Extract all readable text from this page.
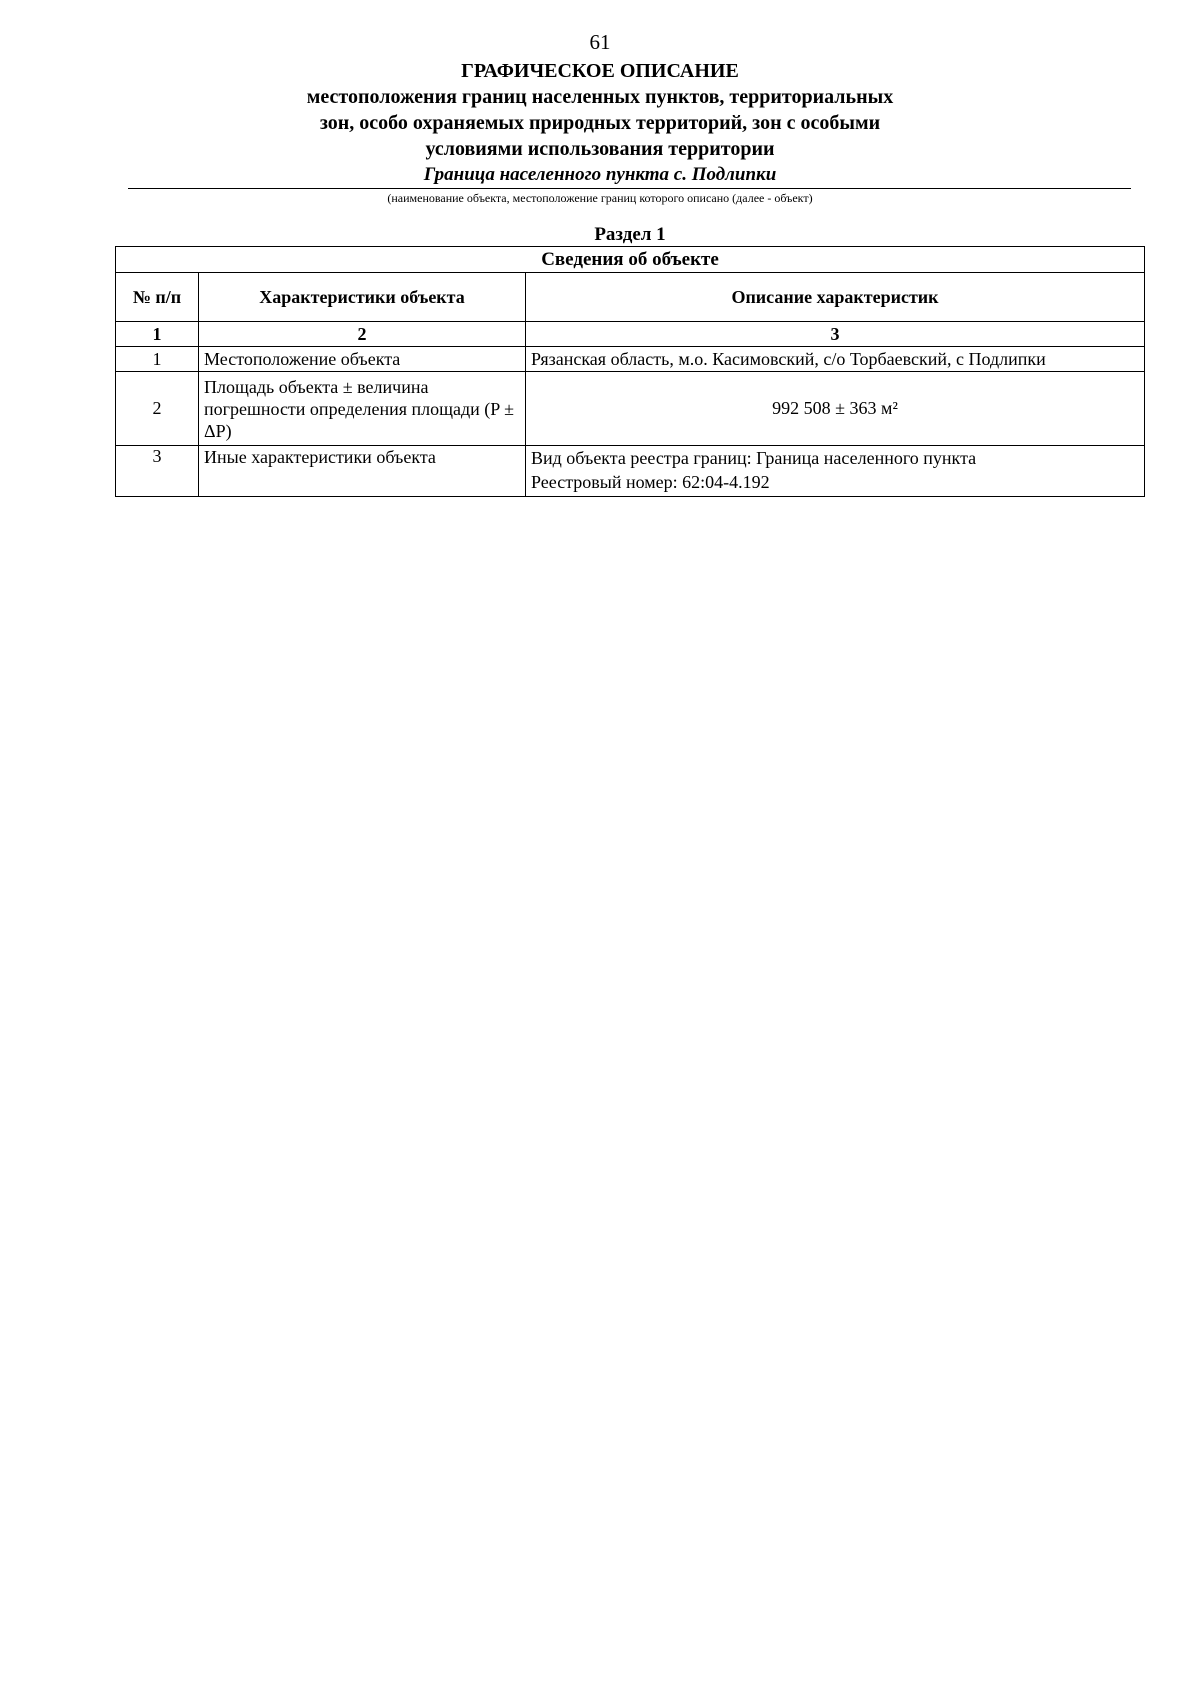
61
ГРАФИЧЕСКОЕ ОПИСАНИЕ
местоположения границ населенных пунктов, территориальных
зон, особо охраняемых природных территорий, зон с особыми
условиями использования территории
Граница населенного пункта с. Подлипки
(наименование объекта, местоположение границ которого описано (далее - объект)
Раздел 1
Сведения об объекте		
№ п/п	Характеристики объекта	Описание характеристик
1	2	3
1	Местоположение объекта	Рязанская область, м.о. Касимовский, с/о Торбаевский, с Подлипки
2	Площадь объекта ± величина погрешности определения площади (P ± ΔP)	992 508 ± 363 м²
3	Иные характеристики объекта	Вид объекта реестра границ: Граница населенного пункта
Реестровый номер: 62:04-4.192
